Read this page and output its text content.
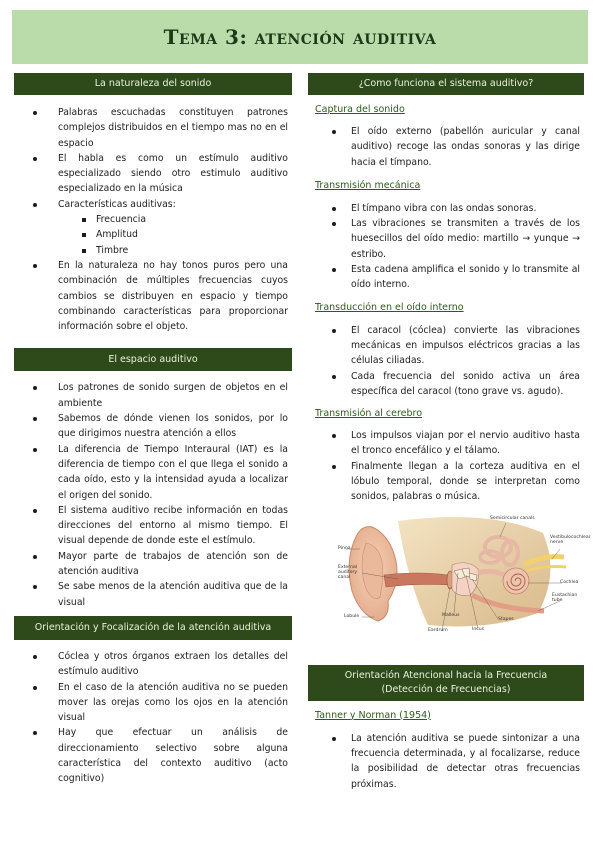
Tema 3: atención auditiva
La naturaleza del sonido
Palabras escuchadas constituyen patrones complejos distribuidos en el tiempo mas no en el espacio
El habla es como un estímulo auditivo especializado siendo otro estimulo auditivo especializado en la música
Características auditivas:
Frecuencia
Amplitud
Timbre
En la naturaleza no hay tonos puros pero una combinación de múltiples frecuencias cuyos cambios se distribuyen en espacio y tiempo combinando características para proporcionar información sobre el objeto.
El espacio auditivo
Los patrones de sonido surgen de objetos en el ambiente
Sabemos de dónde vienen los sonidos, por lo que dirigimos nuestra atención a ellos
La diferencia de Tiempo Interaural (IAT) es la diferencia de tiempo con el que llega el sonido a cada oído, esto y la intensidad ayuda a localizar el origen del sonido.
El sistema auditivo recibe información en todas direcciones del entorno al mismo tiempo. El visual depende de donde este el estímulo.
Mayor parte de trabajos de atención son de atención auditiva
Se sabe menos de la atención auditiva que de la visual
Orientación y Focalización de la atención auditiva
Cóclea y otros órganos extraen los detalles del estímulo auditivo
En el caso de la atención auditiva no se pueden mover las orejas como los ojos en la atención visual
Hay que efectuar un análisis de direccionamiento selectivo sobre alguna característica del contexto auditivo (acto cognitivo)
¿Como funciona el sistema auditivo?
Captura del sonido
El oído externo (pabellón auricular y canal auditivo) recoge las ondas sonoras y las dirige hacia el tímpano.
Transmisión mecánica
El tímpano vibra con las ondas sonoras.
Las vibraciones se transmiten a través de los huesecillos del oído medio: martillo → yunque → estribo.
Esta cadena amplifica el sonido y lo transmite al oído interno.
Transducción en el oído interno
El caracol (cóclea) convierte las vibraciones mecánicas en impulsos eléctricos gracias a las células ciliadas.
Cada frecuencia del sonido activa un área específica del caracol (tono grave vs. agudo).
Transmisión al cerebro
Los impulsos viajan por el nervio auditivo hasta el tronco encefálico y el tálamo.
Finalmente llegan a la corteza auditiva en el lóbulo temporal, donde se interpretan como sonidos, palabras o música.
Semicircular canals
Vestibulocochlear nerve
Pinna
External auditory canal
Cochlea
Eustachian tube
Lobule	Malleus
Stapes
Incus
Eardrum
Orientación Atencional hacia la Frecuencia
(Detección de Frecuencias)
Tanner y Norman (1954)
La atención auditiva se puede sintonizar a una frecuencia determinada, y al focalizarse, reduce la posibilidad de detectar otras frecuencias próximas.
